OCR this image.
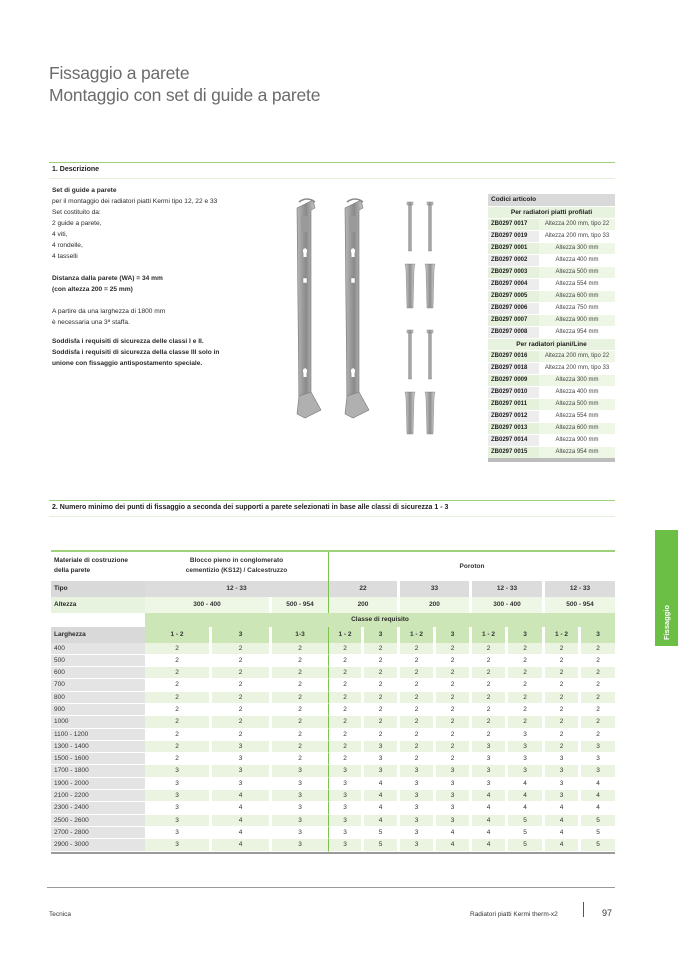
Fissaggio a parete
Montaggio con set di guide a parete
1. Descrizione
Set di guide a parete
per il montaggio dei radiatori piatti Kermi tipo 12, 22 e 33
Set costituito da:
2 guide a parete,
4 viti,
4 rondelle,
4 tasselli
Distanza dalla parete (WA) = 34 mm
(con altezza 200 = 25 mm)
A partire da una larghezza di 1800 mm
è necessaria una 3ª staffa.
Soddisfa i requisiti di sicurezza delle classi I e II.
Soddisfa i requisiti di sicurezza della classe III solo in
unione con fissaggio antispostamento speciale.
Codici articolo
Per radiatori piatti profilati
ZB0297 0017	Altezza 200 mm, tipo 22
ZB0297 0019	Altezza 200 mm, tipo 33
ZB0297 0001	Altezza 300 mm
ZB0297 0002	Altezza 400 mm
ZB0297 0003	Altezza 500 mm
ZB0297 0004	Altezza 554 mm
ZB0297 0005	Altezza 600 mm
ZB0297 0006	Altezza 750 mm
ZB0297 0007	Altezza 900 mm
ZB0297 0008	Altezza 954 mm
Per radiatori piani/Line
ZB0297 0016	Altezza 200 mm, tipo 22
ZB0297 0018	Altezza 200 mm, tipo 33
ZB0297 0009	Altezza 300 mm
ZB0297 0010	Altezza 400 mm
ZB0297 0011	Altezza 500 mm
ZB0297 0012	Altezza 554 mm
ZB0297 0013	Altezza 600 mm
ZB0297 0014	Altezza 900 mm
ZB0297 0015	Altezza 954 mm
2. Numero minimo dei punti di fissaggio a seconda dei supporti a parete selezionati in base alle classi di sicurezza 1 - 3
Materiale di costruzione
della parete
Blocco pieno in conglomerato
cementizio (KS12) / Calcestruzzo
Poroton
Tipo	12 - 33	22	33	12 - 33	12 - 33
Altezza	300 - 400	500 - 954	200	200	300 - 400	500 - 954
Classe di requisito
Larghezza	1 - 2	3	1-3	1 - 2	3	1 - 2	3	1 - 2	3	1 - 2	3
400	2	2	2	2	2	2	2	2	2	2	2
500	2	2	2	2	2	2	2	2	2	2	2
600	2	2	2	2	2	2	2	2	2	2	2
700	2	2	2	2	2	2	2	2	2	2	2
800	2	2	2	2	2	2	2	2	2	2	2
900	2	2	2	2	2	2	2	2	2	2	2
1000	2	2	2	2	2	2	2	2	2	2	2
1100 - 1200	2	2	2	2	2	2	2	2	3	2	2
1300 - 1400	2	3	2	2	3	2	2	3	3	2	3
1500 - 1600	2	3	2	2	3	2	2	3	3	3	3
1700 - 1800	3	3	3	3	3	3	3	3	3	3	3
1900 - 2000	3	3	3	3	4	3	3	3	4	3	4
2100 - 2200	3	4	3	3	4	3	3	4	4	3	4
2300 - 2400	3	4	3	3	4	3	3	4	4	4	4
2500 - 2600	3	4	3	3	4	3	3	4	5	4	5
2700 - 2800	3	4	3	3	5	3	4	4	5	4	5
2900 - 3000	3	4	3	3	5	3	4	4	5	4	5
Fissaggio
Tecnica	Radiatori piatti Kermi therm-x2	97
